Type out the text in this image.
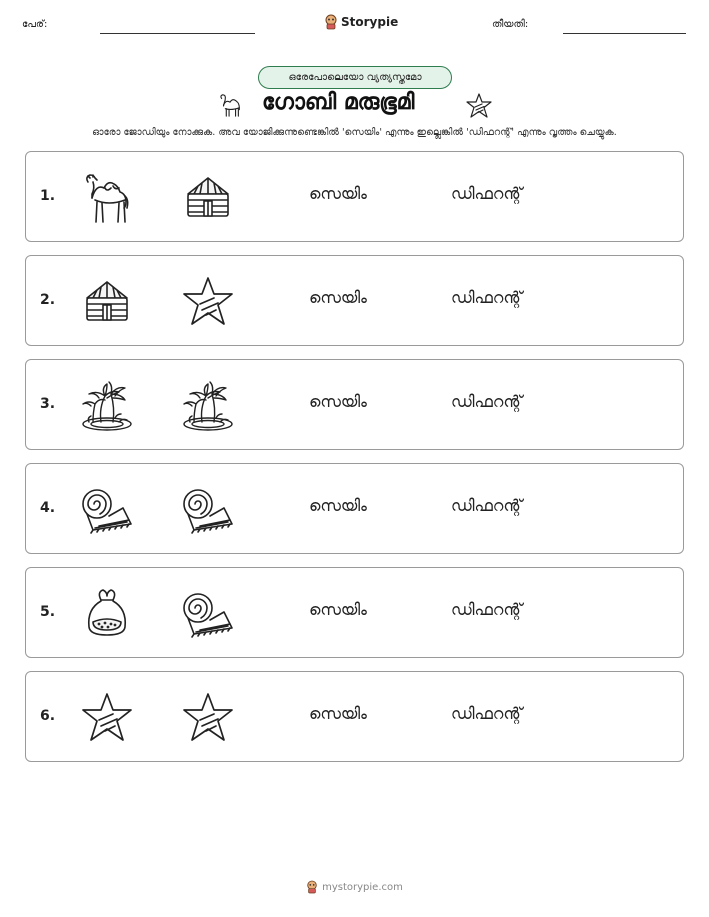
പേര്:	Storypie	തീയതി:
ഒരേപോലെയോ വ്യത്യസ്തമോ
ഗോബി മരുഭൂമി
ഓരോ ജോഡിയും നോക്കുക. അവ യോജിക്കുന്നുണ്ടെങ്കിൽ 'സെയിം' എന്നും ഇല്ലെങ്കിൽ 'ഡിഫറന്റ്' എന്നും വൃത്തം ചെയ്യുക.
1.	സെയിം	ഡിഫറന്റ്
2.	സെയിം	ഡിഫറന്റ്
3.	സെയിം	ഡിഫറന്റ്
4.	സെയിം	ഡിഫറന്റ്
5.	സെയിം	ഡിഫറന്റ്
6.	സെയിം	ഡിഫറന്റ്
mystorypie.com
